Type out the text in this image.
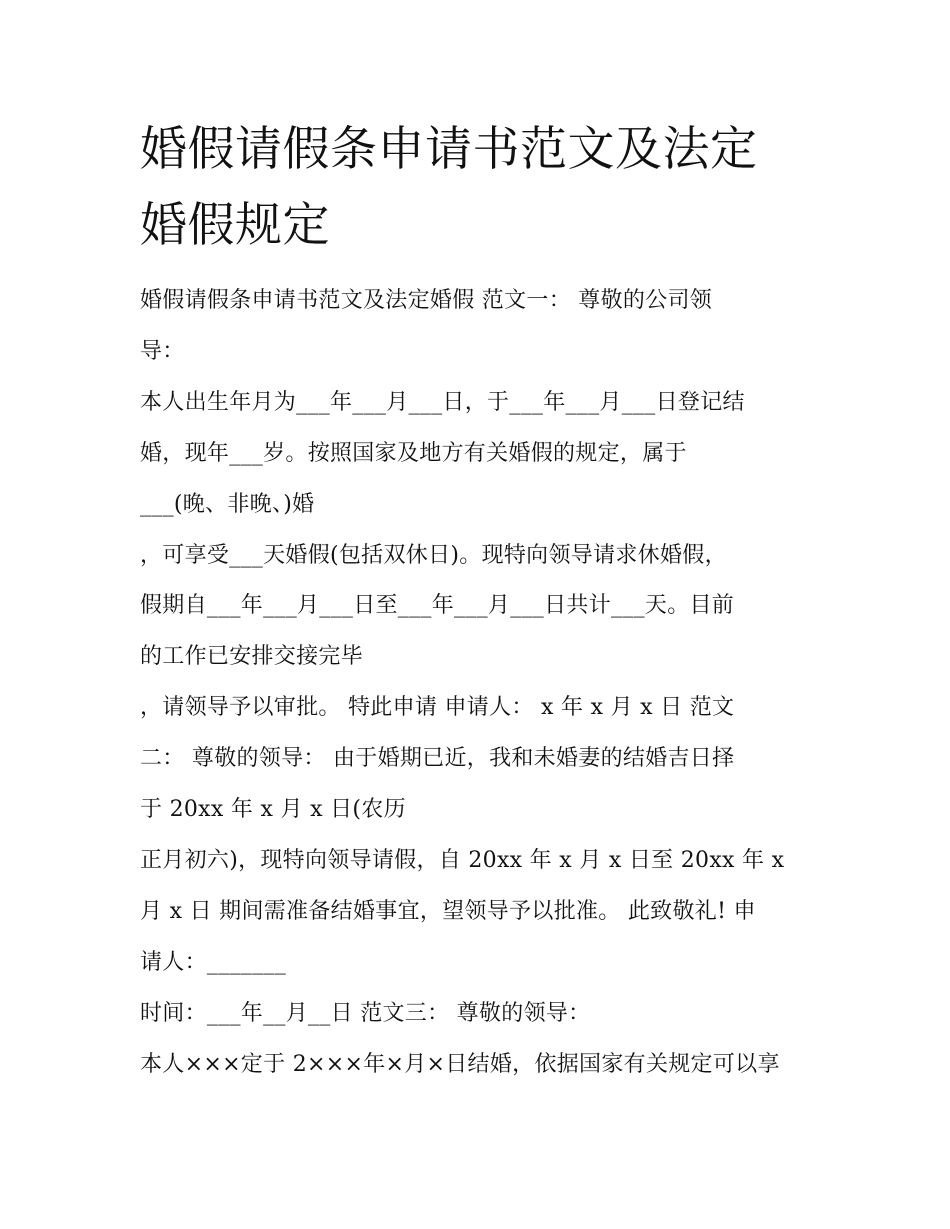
婚假请假条申请书范文及法定
婚假规定
婚假请假条申请书范文及法定婚假 范文一： 尊敬的公司领
导：
本人出生年月为___年___月___日，于___年___月___日登记结
婚，现年___岁。按照国家及地方有关婚假的规定，属于
___(晚、非晚、)婚
，可享受___天婚假(包括双休日)。现特向领导请求休婚假，
假期自___年___月___日至___年___月___日共计___天。目前
的工作已安排交接完毕
，请领导予以审批。 特此申请 申请人： x 年 x 月 x 日 范文
二： 尊敬的领导： 由于婚期已近，我和未婚妻的结婚吉日择
于 20xx 年 x 月 x 日(农历
正月初六)，现特向领导请假，自 20xx 年 x 月 x 日至 20xx 年 x
月 x 日 期间需准备结婚事宜，望领导予以批准。 此致敬礼! 申
请人：_______
时间：___年__月__日 范文三： 尊敬的领导：
本人×××定于 2×××年×月×日结婚，依据国家有关规定可以享
